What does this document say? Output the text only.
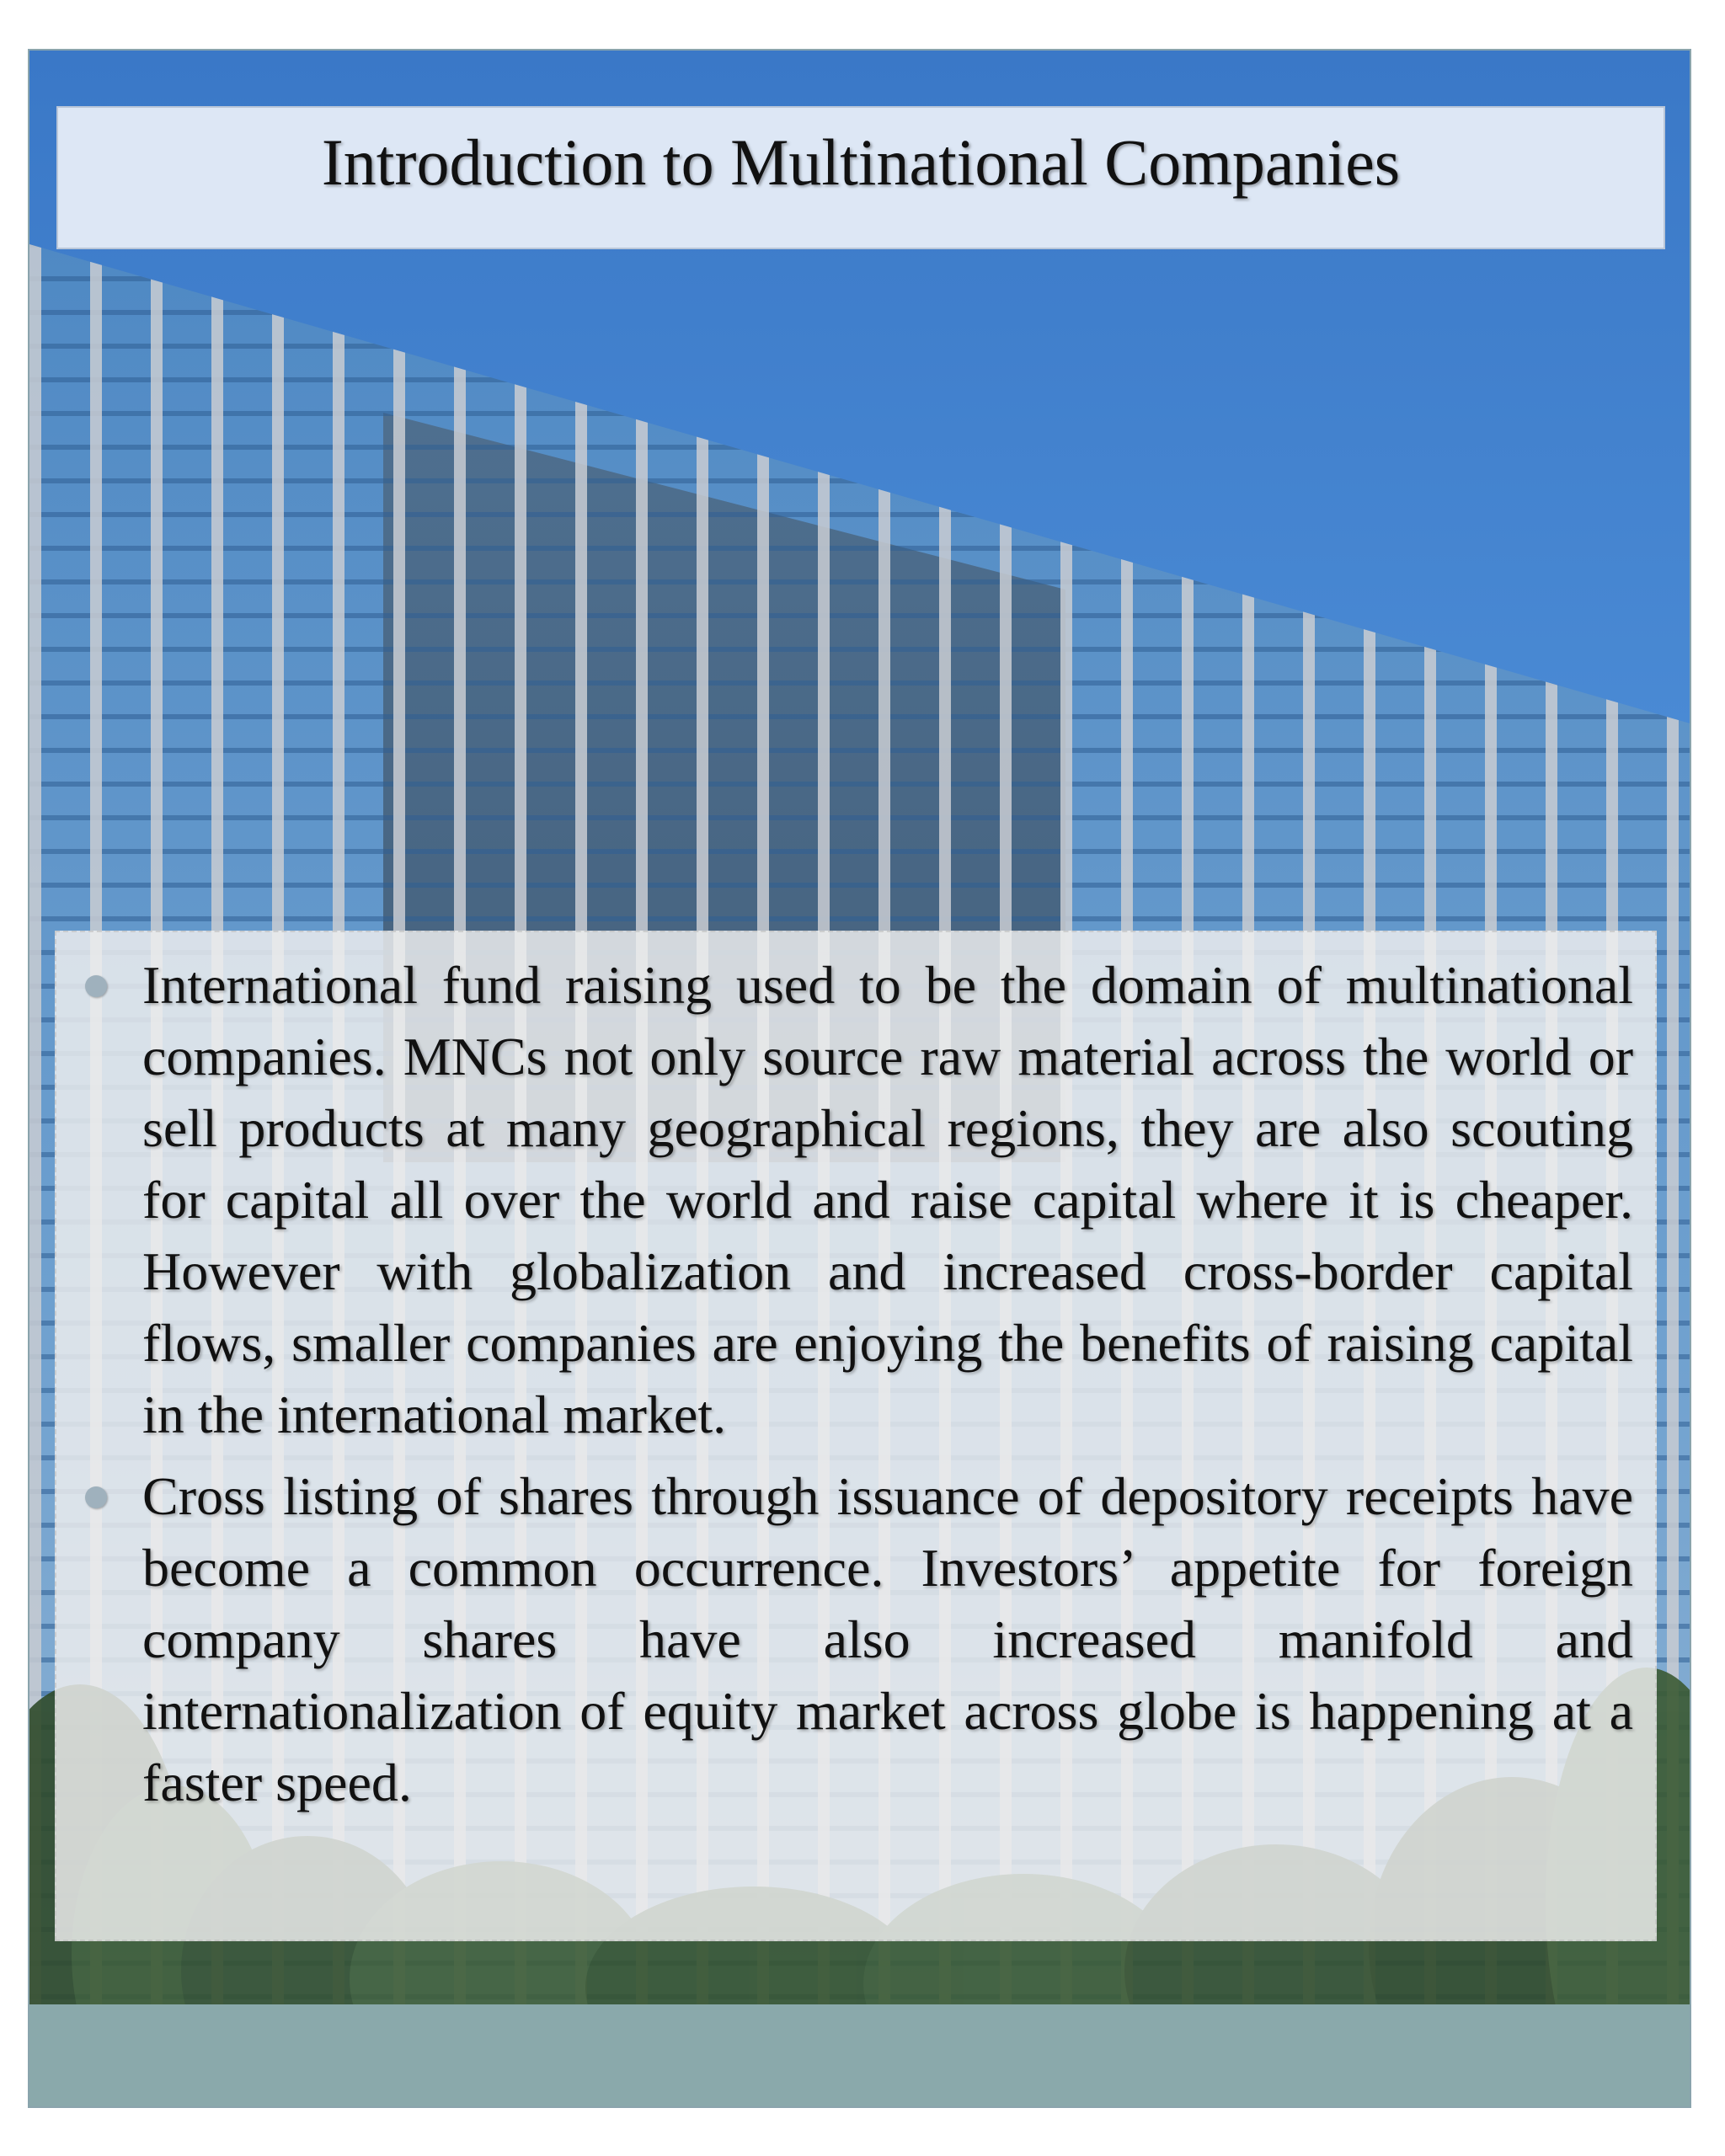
Introduction to Multinational Companies
International fund raising used to be the domain of multinational companies. MNCs not only source raw material across the world or sell products at many geographical regions, they are also scouting for capital all over the world and raise capital where it is cheaper. However with globalization and increased cross-border capital flows, smaller companies are enjoying the benefits of raising capital in the international market.
Cross listing of shares through issuance of depository receipts have become a common occurrence. Investors’ appetite for foreign company shares have also increased manifold and internationalization of equity market across globe is happening at a faster speed.
